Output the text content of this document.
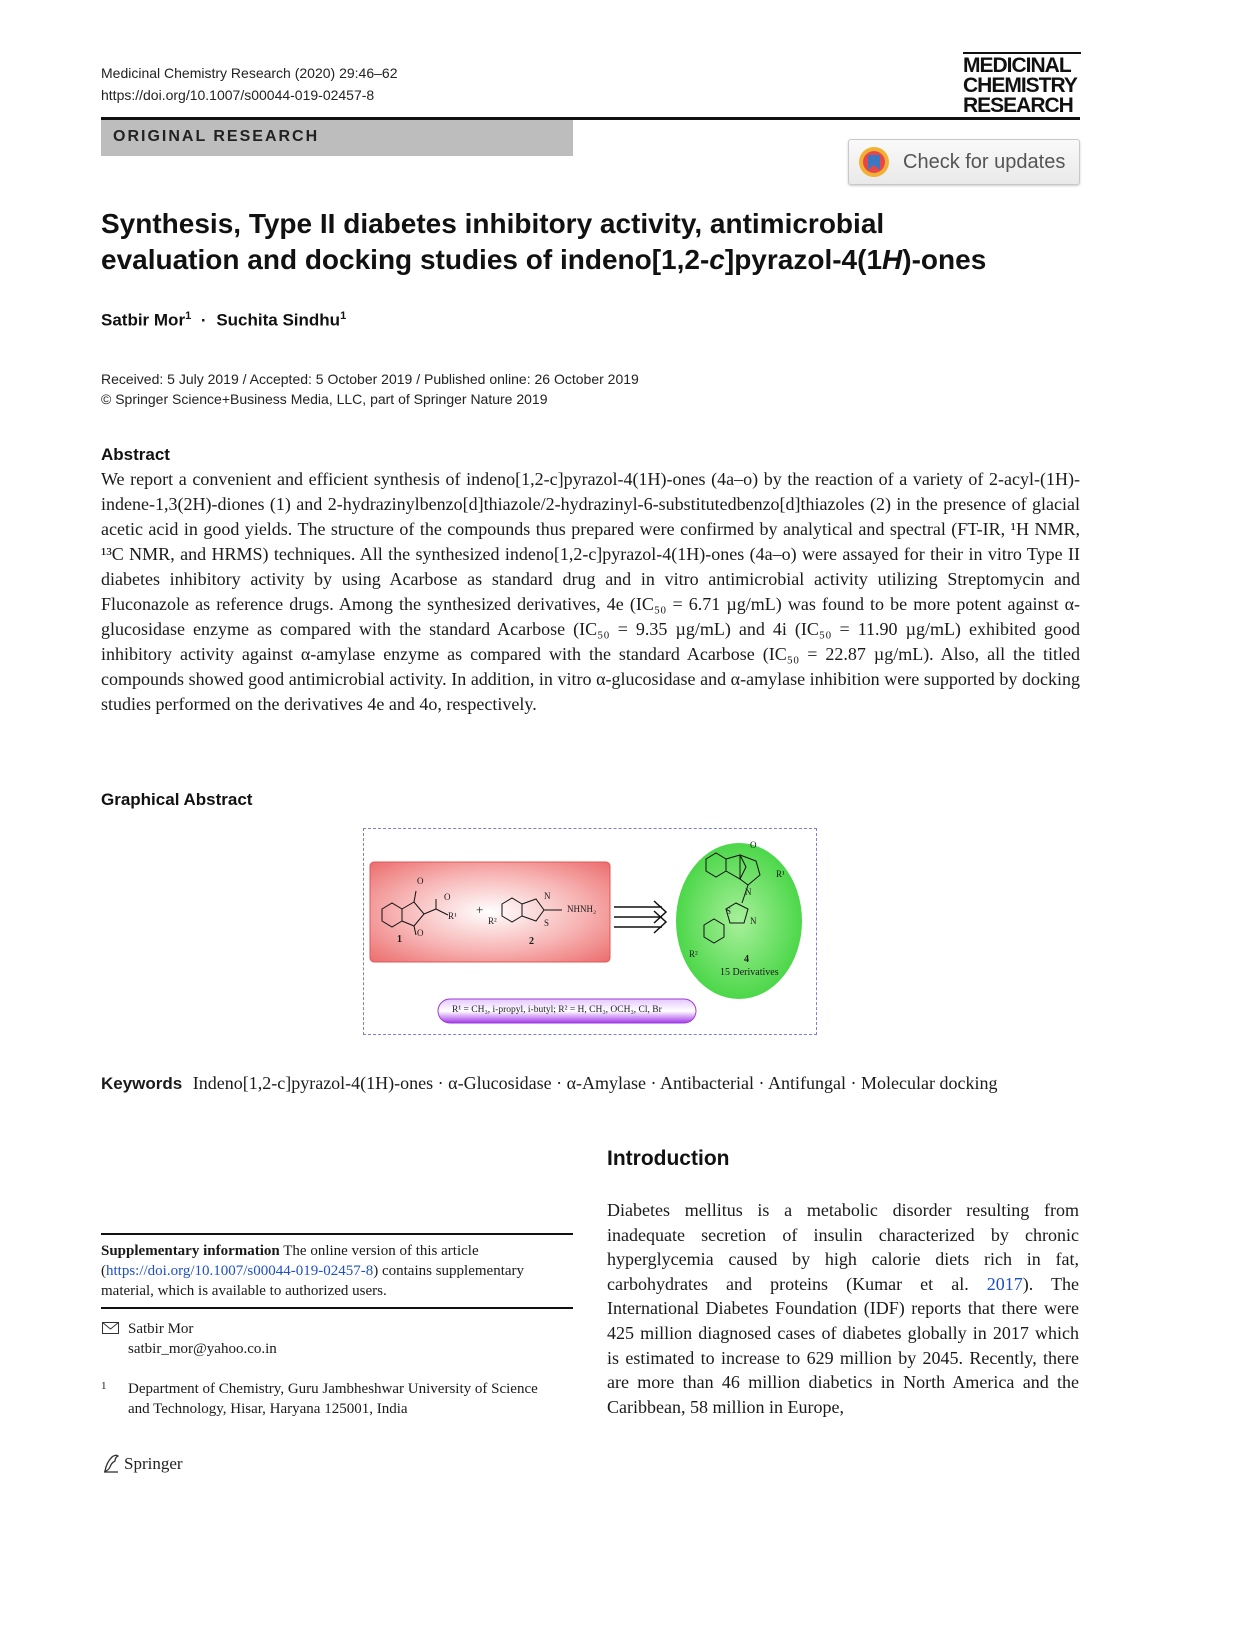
Medicinal Chemistry Research (2020) 29:46–62
https://doi.org/10.1007/s00044-019-02457-8
MEDICINAL
CHEMISTRY
RESEARCH
ORIGINAL RESEARCH
Check for updates
Synthesis, Type II diabetes inhibitory activity, antimicrobial
evaluation and docking studies of indeno[1,2-c]pyrazol-4(1H)-ones
Satbir Mor$^1$ · Suchita Sindhu$^1$
Received: 5 July 2019 / Accepted: 5 October 2019 / Published online: 26 October 2019
© Springer Science+Business Media, LLC, part of Springer Nature 2019
Abstract
We report a convenient and efficient synthesis of indeno[1,2-c]pyrazol-4(1H)-ones (4a–o) by the reaction of a variety of 2-acyl-(1H)-indene-1,3(2H)-diones (1) and 2-hydrazinylbenzo[d]thiazole/2-hydrazinyl-6-substitutedbenzo[d]thiazoles (2) in the presence of glacial acetic acid in good yields. The structure of the compounds thus prepared were confirmed by analytical and spectral (FT-IR, ¹H NMR, ¹³C NMR, and HRMS) techniques. All the synthesized indeno[1,2-c]pyrazol-4(1H)-ones (4a–o) were assayed for their in vitro Type II diabetes inhibitory activity by using Acarbose as standard drug and in vitro antimicrobial activity utilizing Streptomycin and Fluconazole as reference drugs. Among the synthesized derivatives, 4e (IC₅₀ = 6.71 µg/mL) was found to be more potent against α-glucosidase enzyme as compared with the standard Acarbose (IC₅₀ = 9.35 µg/mL) and 4i (IC₅₀ = 11.90 µg/mL) exhibited good inhibitory activity against α-amylase enzyme as compared with the standard Acarbose (IC₅₀ = 22.87 µg/mL). Also, all the titled compounds showed good antimicrobial activity. In addition, in vitro α-glucosidase and α-amylase inhibition were supported by docking studies performed on the derivatives 4e and 4o, respectively.
Graphical Abstract
O
O
O
R¹
1
+
R²
N
S
NHNH₂
2
O
R¹
N
S
N
R²	4
15 Derivatives
R¹ = CH₃, i-propyl, i-butyl; R² = H, CH₃, OCH₃, Cl, Br
Keywords Indeno[1,2-c]pyrazol-4(1H)-ones · α-Glucosidase · α-Amylase · Antibacterial · Antifungal · Molecular docking
Introduction
Diabetes mellitus is a metabolic disorder resulting from inadequate secretion of insulin characterized by chronic hyperglycemia caused by high calorie diets rich in fat, carbohydrates and proteins (Kumar et al. 2017). The International Diabetes Foundation (IDF) reports that there were 425 million diagnosed cases of diabetes globally in 2017 which is estimated to increase to 629 million by 2045. Recently, there are more than 46 million diabetics in North America and the Caribbean, 58 million in Europe,
Supplementary information The online version of this article (https://doi.org/10.1007/s00044-019-02457-8) contains supplementary material, which is available to authorized users.
Satbir Mor
satbir_mor@yahoo.co.in
1 Department of Chemistry, Guru Jambheshwar University of Science and Technology, Hisar, Haryana 125001, India
Springer
